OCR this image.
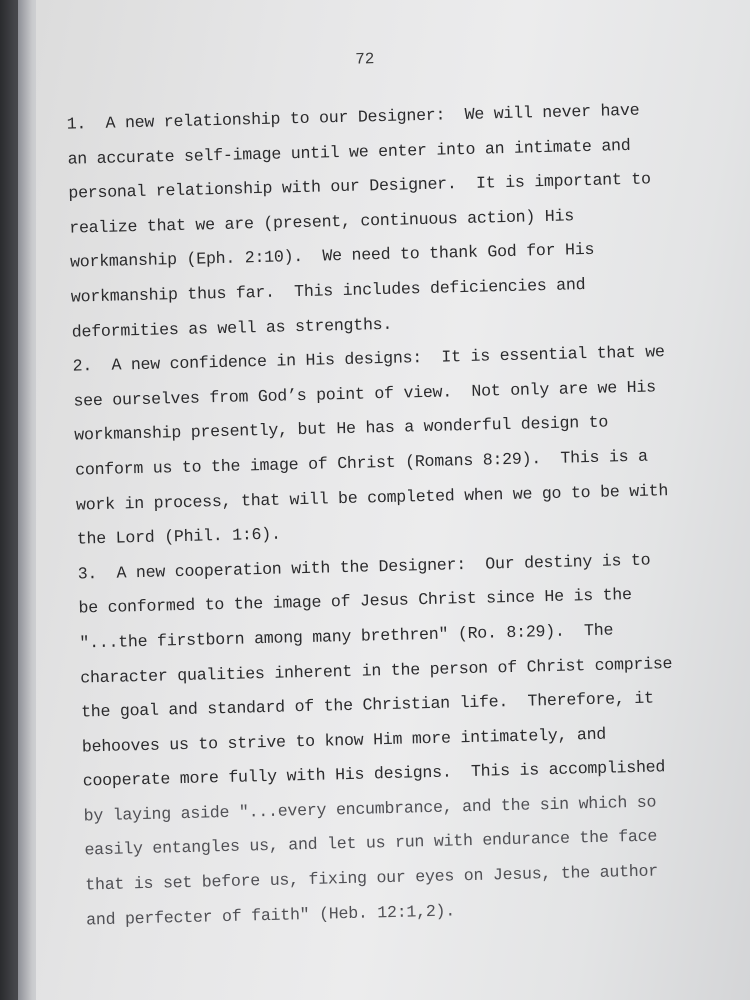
72
1.  A new relationship to our Designer:  We will never have
an accurate self-image until we enter into an intimate and
personal relationship with our Designer.  It is important to
realize that we are (present, continuous action) His
workmanship (Eph. 2:10).  We need to thank God for His
workmanship thus far.  This includes deficiencies and
deformities as well as strengths.
2.  A new confidence in His designs:  It is essential that we
see ourselves from God’s point of view.  Not only are we His
workmanship presently, but He has a wonderful design to
conform us to the image of Christ (Romans 8:29).  This is a
work in process, that will be completed when we go to be with
the Lord (Phil. 1:6).
3.  A new cooperation with the Designer:  Our destiny is to
be conformed to the image of Jesus Christ since He is the
"...the firstborn among many brethren" (Ro. 8:29).  The
character qualities inherent in the person of Christ comprise
the goal and standard of the Christian life.  Therefore, it
behooves us to strive to know Him more intimately, and
cooperate more fully with His designs.  This is accomplished
by laying aside "...every encumbrance, and the sin which so
easily entangles us, and let us run with endurance the face
that is set before us, fixing our eyes on Jesus, the author
and perfecter of faith" (Heb. 12:1,2).
